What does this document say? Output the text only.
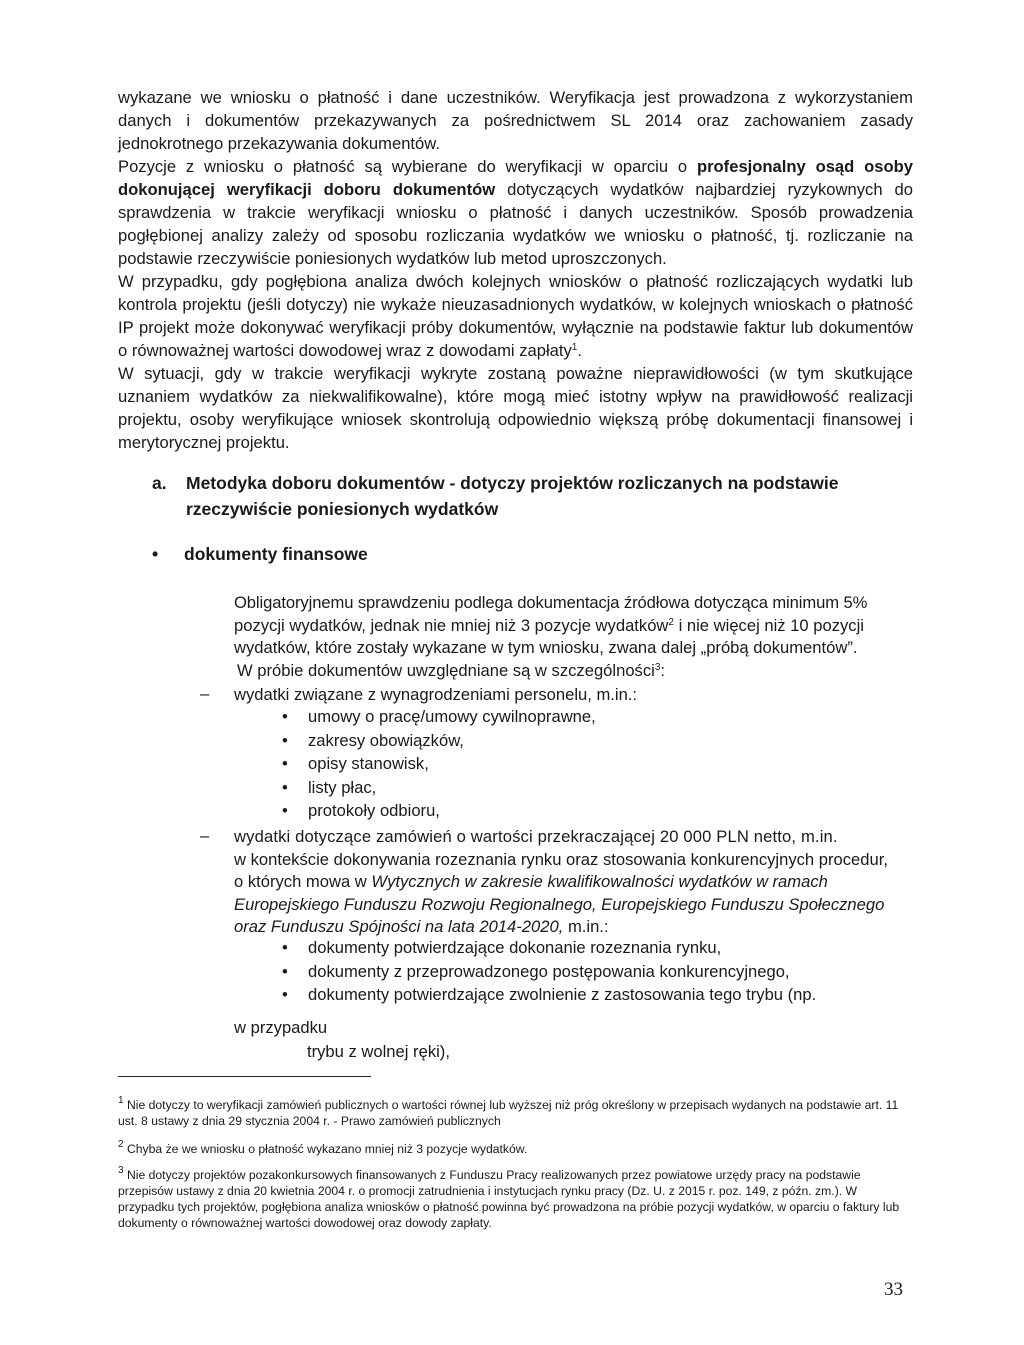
wykazane we wniosku o płatność i dane uczestników. Weryfikacja jest prowadzona z wykorzystaniem danych i dokumentów przekazywanych za pośrednictwem SL 2014 oraz zachowaniem zasady jednokrotnego przekazywania dokumentów.

Pozycje z wniosku o płatność są wybierane do weryfikacji w oparciu o profesjonalny osąd osoby dokonującej weryfikacji doboru dokumentów dotyczących wydatków najbardziej ryzykownych do sprawdzenia w trakcie weryfikacji wniosku o płatność i danych uczestników. Sposób prowadzenia pogłębionej analizy zależy od sposobu rozliczania wydatków we wniosku o płatność, tj. rozliczanie na podstawie rzeczywiście poniesionych wydatków lub metod uproszczonych.

W przypadku, gdy pogłębiona analiza dwóch kolejnych wniosków o płatność rozliczających wydatki lub kontrola projektu (jeśli dotyczy) nie wykaże nieuzasadnionych wydatków, w kolejnych wnioskach o płatność IP projekt może dokonywać weryfikacji próby dokumentów, wyłącznie na podstawie faktur lub dokumentów o równoważnej wartości dowodowej wraz z dowodami zapłaty$^1$.

W sytuacji, gdy w trakcie weryfikacji wykryte zostaną poważne nieprawidłowości (w tym skutkujące uznaniem wydatków za niekwalifikowalne), które mogą mieć istotny wpływ na prawidłowość realizacji projektu, osoby weryfikujące wniosek skontrolują odpowiednio większą próbę dokumentacji finansowej i merytorycznej projektu.

a. Metodyka doboru dokumentów - dotyczy projektów rozliczanych na podstawie
rzeczywiście poniesionych wydatków
• dokumenty finansowe
Obligatoryjnemu sprawdzeniu podlega dokumentacja źródłowa dotycząca minimum 5%
pozycji wydatków, jednak nie mniej niż 3 pozycje wydatków$^2$ i nie więcej niż 10 pozycji
wydatków, które zostały wykazane w tym wniosku, zwana dalej „próbą dokumentów”.
W próbie dokumentów uwzględniane są w szczególności$^3$:
– wydatki związane z wynagrodzeniami personelu, m.in.:
• umowy o pracę/umowy cywilnoprawne,
• zakresy obowiązków,
• opisy stanowisk,
• listy płac,
• protokoły odbioru,
– wydatki dotyczące zamówień o wartości przekraczającej 20 000 PLN netto, m.in.
w kontekście dokonywania rozeznania rynku oraz stosowania konkurencyjnych procedur,
o których mowa w Wytycznych w zakresie kwalifikowalności wydatków w ramach
Europejskiego Funduszu Rozwoju Regionalnego, Europejskiego Funduszu Społecznego
oraz Funduszu Spójności na lata 2014-2020, m.in.:
• dokumenty potwierdzające dokonanie rozeznania rynku,
• dokumenty z przeprowadzonego postępowania konkurencyjnego,
• dokumenty potwierdzające zwolnienie z zastosowania tego trybu (np.
w przypadku
trybu z wolnej ręki),
$^1$ Nie dotyczy to weryfikacji zamówień publicznych o wartości równej lub wyższej niż próg określony w przepisach wydanych na podstawie art. 11 ust. 8 ustawy z dnia 29 stycznia 2004 r. - Prawo zamówień publicznych
$^2$ Chyba że we wniosku o płatność wykazano mniej niż 3 pozycje wydatków.
$^3$ Nie dotyczy projektów pozakonkursowych finansowanych z Funduszu Pracy realizowanych przez powiatowe urzędy pracy na podstawie przepisów ustawy z dnia 20 kwietnia 2004 r. o promocji zatrudnienia i instytucjach rynku pracy (Dz. U. z 2015 r. poz. 149, z późn. zm.). W przypadku tych projektów, pogłębiona analiza wniosków o płatność powinna być prowadzona na próbie pozycji wydatków, w oparciu o faktury lub dokumenty o równoważnej wartości dowodowej oraz dowody zapłaty.
33
